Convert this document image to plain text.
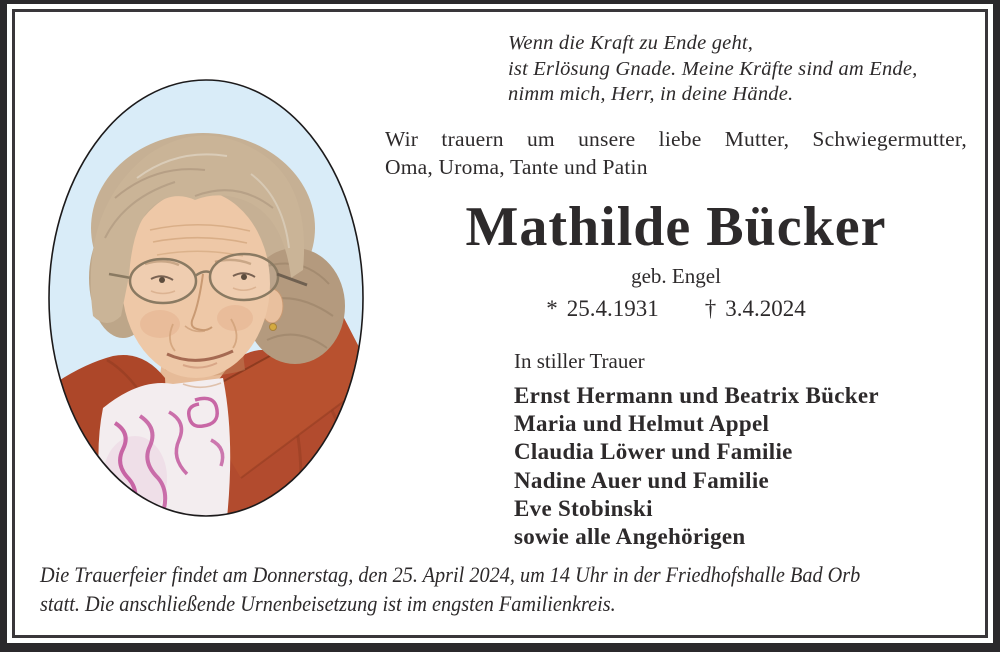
Wenn die Kraft zu Ende geht,
ist Erlösung Gnade. Meine Kräfte sind am Ende,
nimm mich, Herr, in deine Hände.
Wir trauern um unsere liebe Mutter, Schwiegermutter,
Oma, Uroma, Tante und Patin
Mathilde Bücker
geb. Engel
* 25.4.1931 † 3.4.2024
In stiller Trauer
Ernst Hermann und Beatrix Bücker
Maria und Helmut Appel
Claudia Löwer und Familie
Nadine Auer und Familie
Eve Stobinski
sowie alle Angehörigen
Die Trauerfeier findet am Donnerstag, den 25. April 2024, um 14 Uhr in der Friedhofshalle Bad Orb
statt. Die anschließende Urnenbeisetzung ist im engsten Familienkreis.
